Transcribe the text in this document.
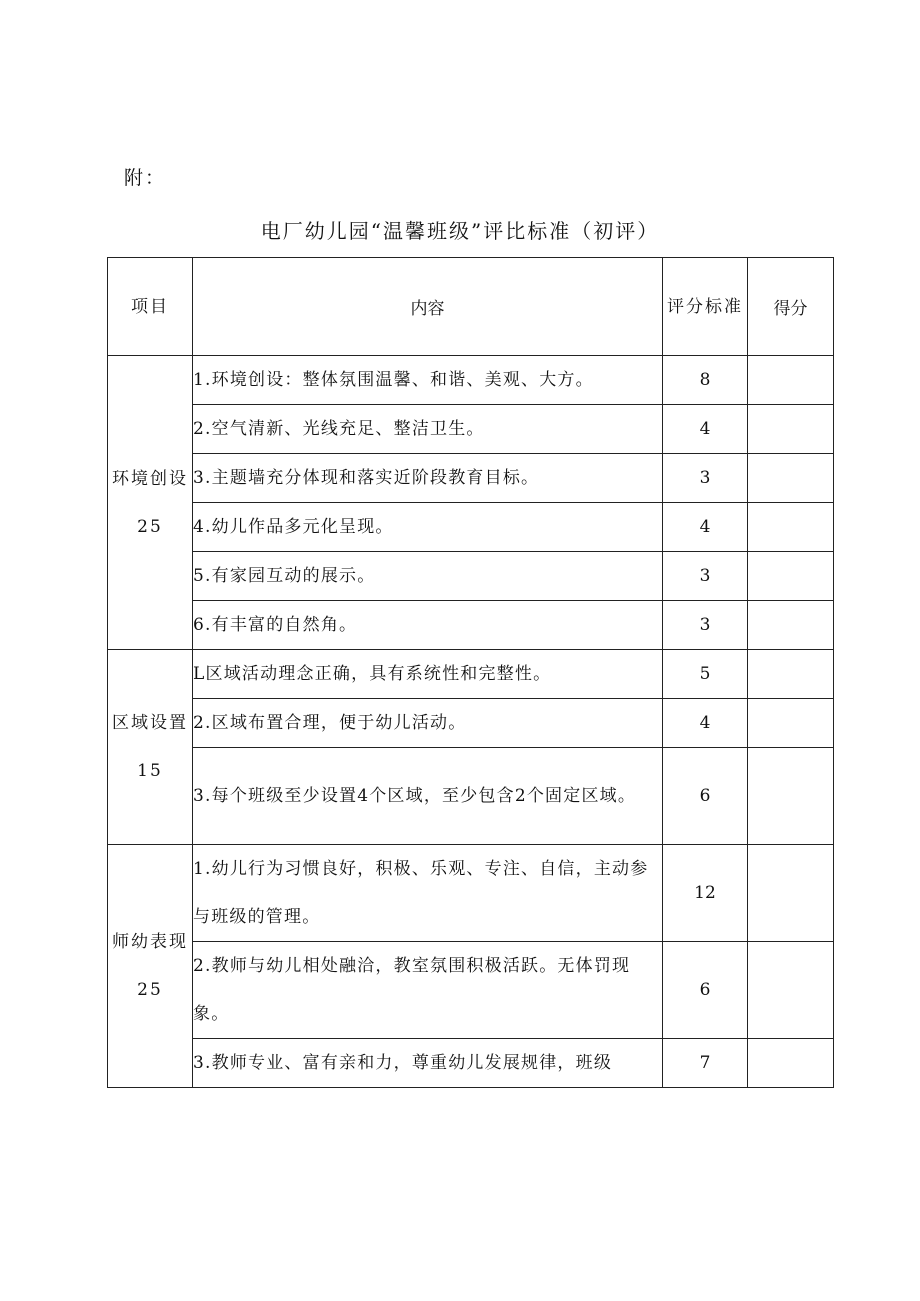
附：
电厂幼儿园“温馨班级”评比标准（初评）
项目	内容	评分标准	得分
环境创设25	1.环境创设：整体氛围温馨、和谐、美观、大方。	8	
	2.空气清新、光线充足、整洁卫生。	4	
	3.主题墙充分体现和落实近阶段教育目标。	3	
	4.幼儿作品多元化呈现。	4	
	5.有家园互动的展示。	3	
	6.有丰富的自然角。	3	
区域设置15	L区域活动理念正确，具有系统性和完整性。	5	
	2.区域布置合理，便于幼儿活动。	4	
	3.每个班级至少设置4个区域，至少包含2个固定区域。	6	
师幼表现25	1.幼儿行为习惯良好，积极、乐观、专注、自信，主动参与班级的管理。	12	
	2.教师与幼儿相处融洽，教室氛围积极活跃。无体罚现象。	6	
	3.教师专业、富有亲和力，尊重幼儿发展规律，班级	7	
